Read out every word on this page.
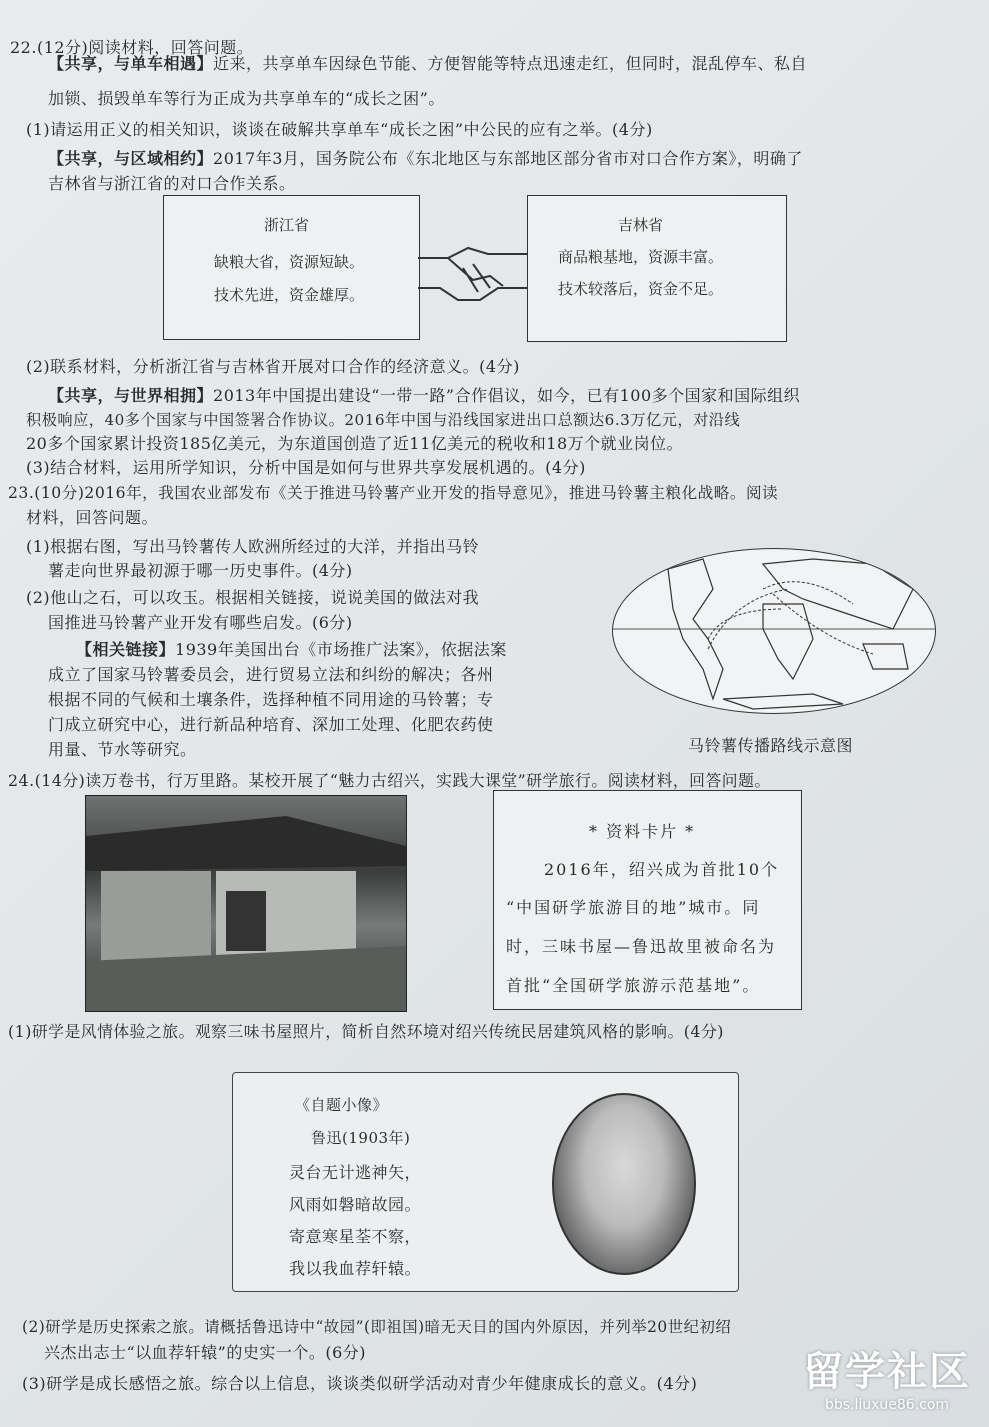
22.(12分)阅读材料，回答问题。
【共享，与单车相遇】近来，共享单车因绿色节能、方便智能等特点迅速走红，但同时，混乱停车、私自
加锁、损毁单车等行为正成为共享单车的“成长之困”。
(1)请运用正义的相关知识，谈谈在破解共享单车“成长之困”中公民的应有之举。(4分)
【共享，与区域相约】2017年3月，国务院公布《东北地区与东部地区部分省市对口合作方案》，明确了
吉林省与浙江省的对口合作关系。
浙江省
缺粮大省，资源短缺。
技术先进，资金雄厚。
吉林省
商品粮基地，资源丰富。
技术较落后，资金不足。
(2)联系材料，分析浙江省与吉林省开展对口合作的经济意义。(4分)
【共享，与世界相拥】2013年中国提出建设“一带一路”合作倡议，如今，已有100多个国家和国际组织
积极响应，40多个国家与中国签署合作协议。2016年中国与沿线国家进出口总额达6.3万亿元，对沿线
20多个国家累计投资185亿美元，为东道国创造了近11亿美元的税收和18万个就业岗位。
(3)结合材料，运用所学知识，分析中国是如何与世界共享发展机遇的。(4分)
23.(10分)2016年，我国农业部发布《关于推进马铃薯产业开发的指导意见》，推进马铃薯主粮化战略。阅读
材料，回答问题。
(1)根据右图，写出马铃薯传人欧洲所经过的大洋，并指出马铃
薯走向世界最初源于哪一历史事件。(4分)
(2)他山之石，可以攻玉。根据相关链接，说说美国的做法对我
国推进马铃薯产业开发有哪些启发。(6分)
【相关链接】1939年美国出台《市场推广法案》，依据法案
成立了国家马铃薯委员会，进行贸易立法和纠纷的解决；各州
根据不同的气候和土壤条件，选择种植不同用途的马铃薯；专
门成立研究中心，进行新品种培育、深加工处理、化肥农药使
用量、节水等研究。	马铃薯传播路线示意图
24.(14分)读万卷书，行万里路。某校开展了“魅力古绍兴，实践大课堂”研学旅行。阅读材料，回答问题。
* 资料卡片 *
2016年，绍兴成为首批10个
“中国研学旅游目的地”城市。同
时，三味书屋—鲁迅故里被命名为
首批“全国研学旅游示范基地”。
(1)研学是风情体验之旅。观察三味书屋照片，简析自然环境对绍兴传统民居建筑风格的影响。(4分)
《自题小像》
鲁迅(1903年)
灵台无计逃神矢，
风雨如磐暗故园。
寄意寒星荃不察，
我以我血荐轩辕。
(2)研学是历史探索之旅。请概括鲁迅诗中“故园”(即祖国)暗无天日的国内外原因，并列举20世纪初绍
兴杰出志士“以血荐轩辕”的史实一个。(6分)
(3)研学是成长感悟之旅。综合以上信息，谈谈类似研学活动对青少年健康成长的意义。(4分)	留学社区
bbs.liuxue86.com
